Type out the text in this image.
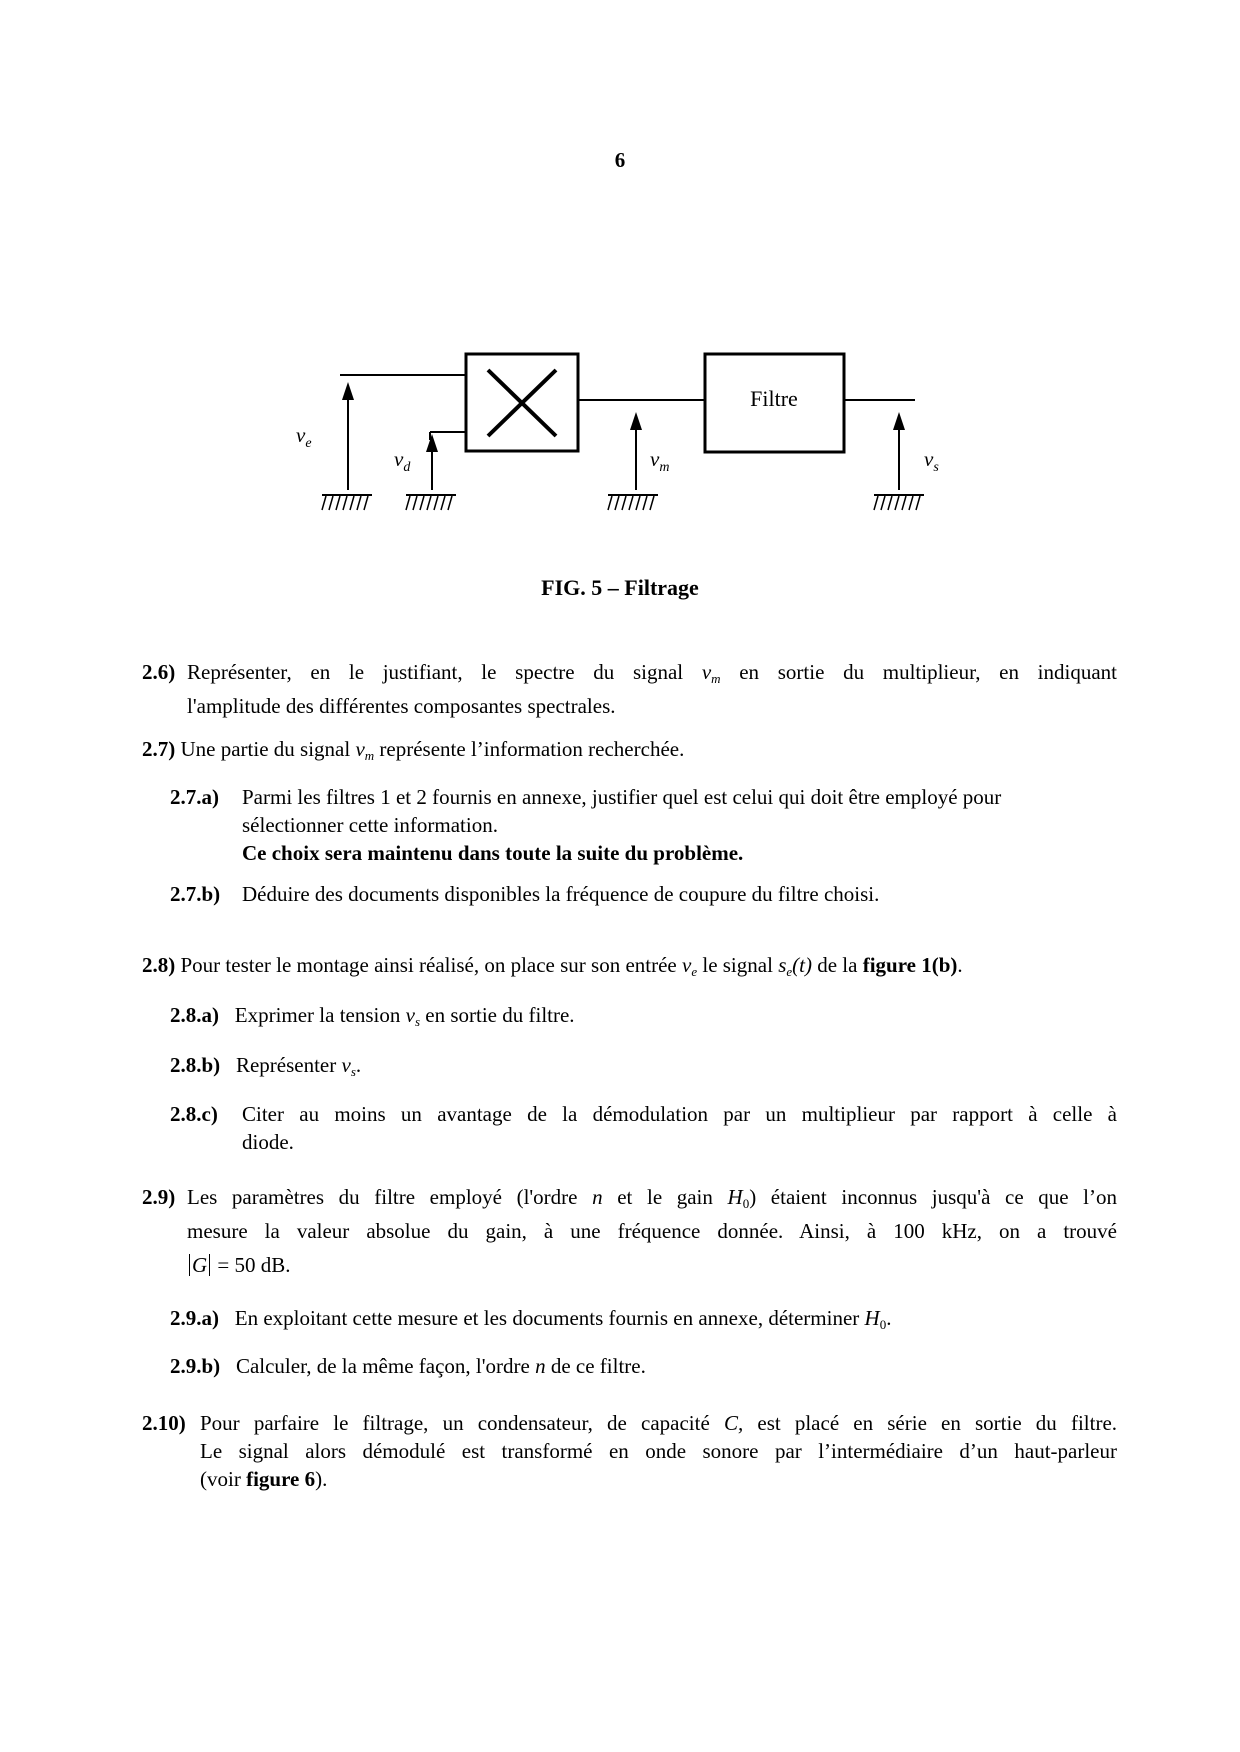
6
Filtre
$v_e$
$v_d$	$v_m$	$v_s$
FIG. 5 – Filtrage
2.6) Représenter, en le justifiant, le spectre du signal $v_m$ en sortie du multiplieur, en indiquant
l'amplitude des différentes composantes spectrales.
2.7) Une partie du signal $v_m$ représente l’information recherchée.
2.7.a) Parmi les filtres 1 et 2 fournis en annexe, justifier quel est celui qui doit être employé pour
sélectionner cette information.
Ce choix sera maintenu dans toute la suite du problème.
2.7.b) Déduire des documents disponibles la fréquence de coupure du filtre choisi.
2.8) Pour tester le montage ainsi réalisé, on place sur son entrée $v_e$ le signal $s_e(t)$ de la figure 1(b).
2.8.a) Exprimer la tension $v_s$ en sortie du filtre.
2.8.b) Représenter $v_s$.
2.8.c) Citer au moins un avantage de la démodulation par un multiplieur par rapport à celle à
diode.
2.9) Les paramètres du filtre employé (l'ordre n et le gain $H_0$) étaient inconnus jusqu'à ce que l’on
mesure la valeur absolue du gain, à une fréquence donnée. Ainsi, à 100 kHz, on a trouvé
G = 50 dB.
2.9.a) En exploitant cette mesure et les documents fournis en annexe, déterminer $H_0$.
2.9.b) Calculer, de la même façon, l'ordre n de ce filtre.
2.10) Pour parfaire le filtrage, un condensateur, de capacité C, est placé en série en sortie du filtre.
Le signal alors démodulé est transformé en onde sonore par l’intermédiaire d’un haut-parleur
(voir figure 6).
